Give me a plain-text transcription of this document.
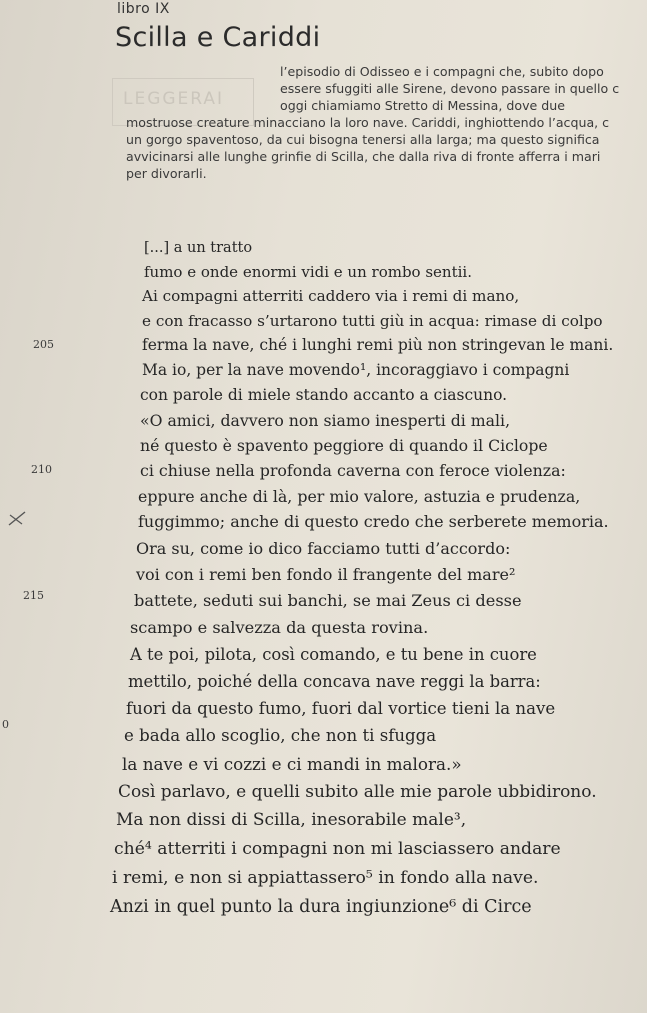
libro IX
Scilla e Cariddi
LEGGERAI
l’episodio di Odisseo e i compagni che, subito dopo
essere sfuggiti alle Sirene, devono passare in quello c
oggi chiamiamo Stretto di Messina, dove due
mostruose creature minacciano la loro nave. Cariddi, inghiottendo l’acqua, c
un gorgo spaventoso, da cui bisogna tenersi alla larga; ma questo significa
avvicinarsi alle lunghe grinfie di Scilla, che dalla riva di fronte afferra i mari
per divorarli.
[...] a un tratto
fumo e onde enormi vidi e un rombo sentii.
Ai compagni atterriti caddero via i remi di mano,
e con fracasso s’urtarono tutti giù in acqua: rimase di colpo
ferma la nave, ché i lunghi remi più non stringevan le mani.
Ma io, per la nave movendo¹, incoraggiavo i compagni
con parole di miele stando accanto a ciascuno.
«O amici, davvero non siamo inesperti di mali,
né questo è spavento peggiore di quando il Ciclope
ci chiuse nella profonda caverna con feroce violenza:
eppure anche di là, per mio valore, astuzia e prudenza,
fuggimmo; anche di questo credo che serberete memoria.
Ora su, come io dico facciamo tutti d’accordo:
voi con i remi ben fondo il frangente del mare²
battete, seduti sui banchi, se mai Zeus ci desse
scampo e salvezza da questa rovina.
A te poi, pilota, così comando, e tu bene in cuore
mettilo, poiché della concava nave reggi la barra:
fuori da questo fumo, fuori dal vortice tieni la nave
e bada allo scoglio, che non ti sfugga
la nave e vi cozzi e ci mandi in malora.»
Così parlavo, e quelli subito alle mie parole ubbidirono.
Ma non dissi di Scilla, inesorabile male³,
ché⁴ atterriti i compagni non mi lasciassero andare
i remi, e non si appiattassero⁵ in fondo alla nave.
Anzi in quel punto la dura ingiunzione⁶ di Circe
205
210
215
0
